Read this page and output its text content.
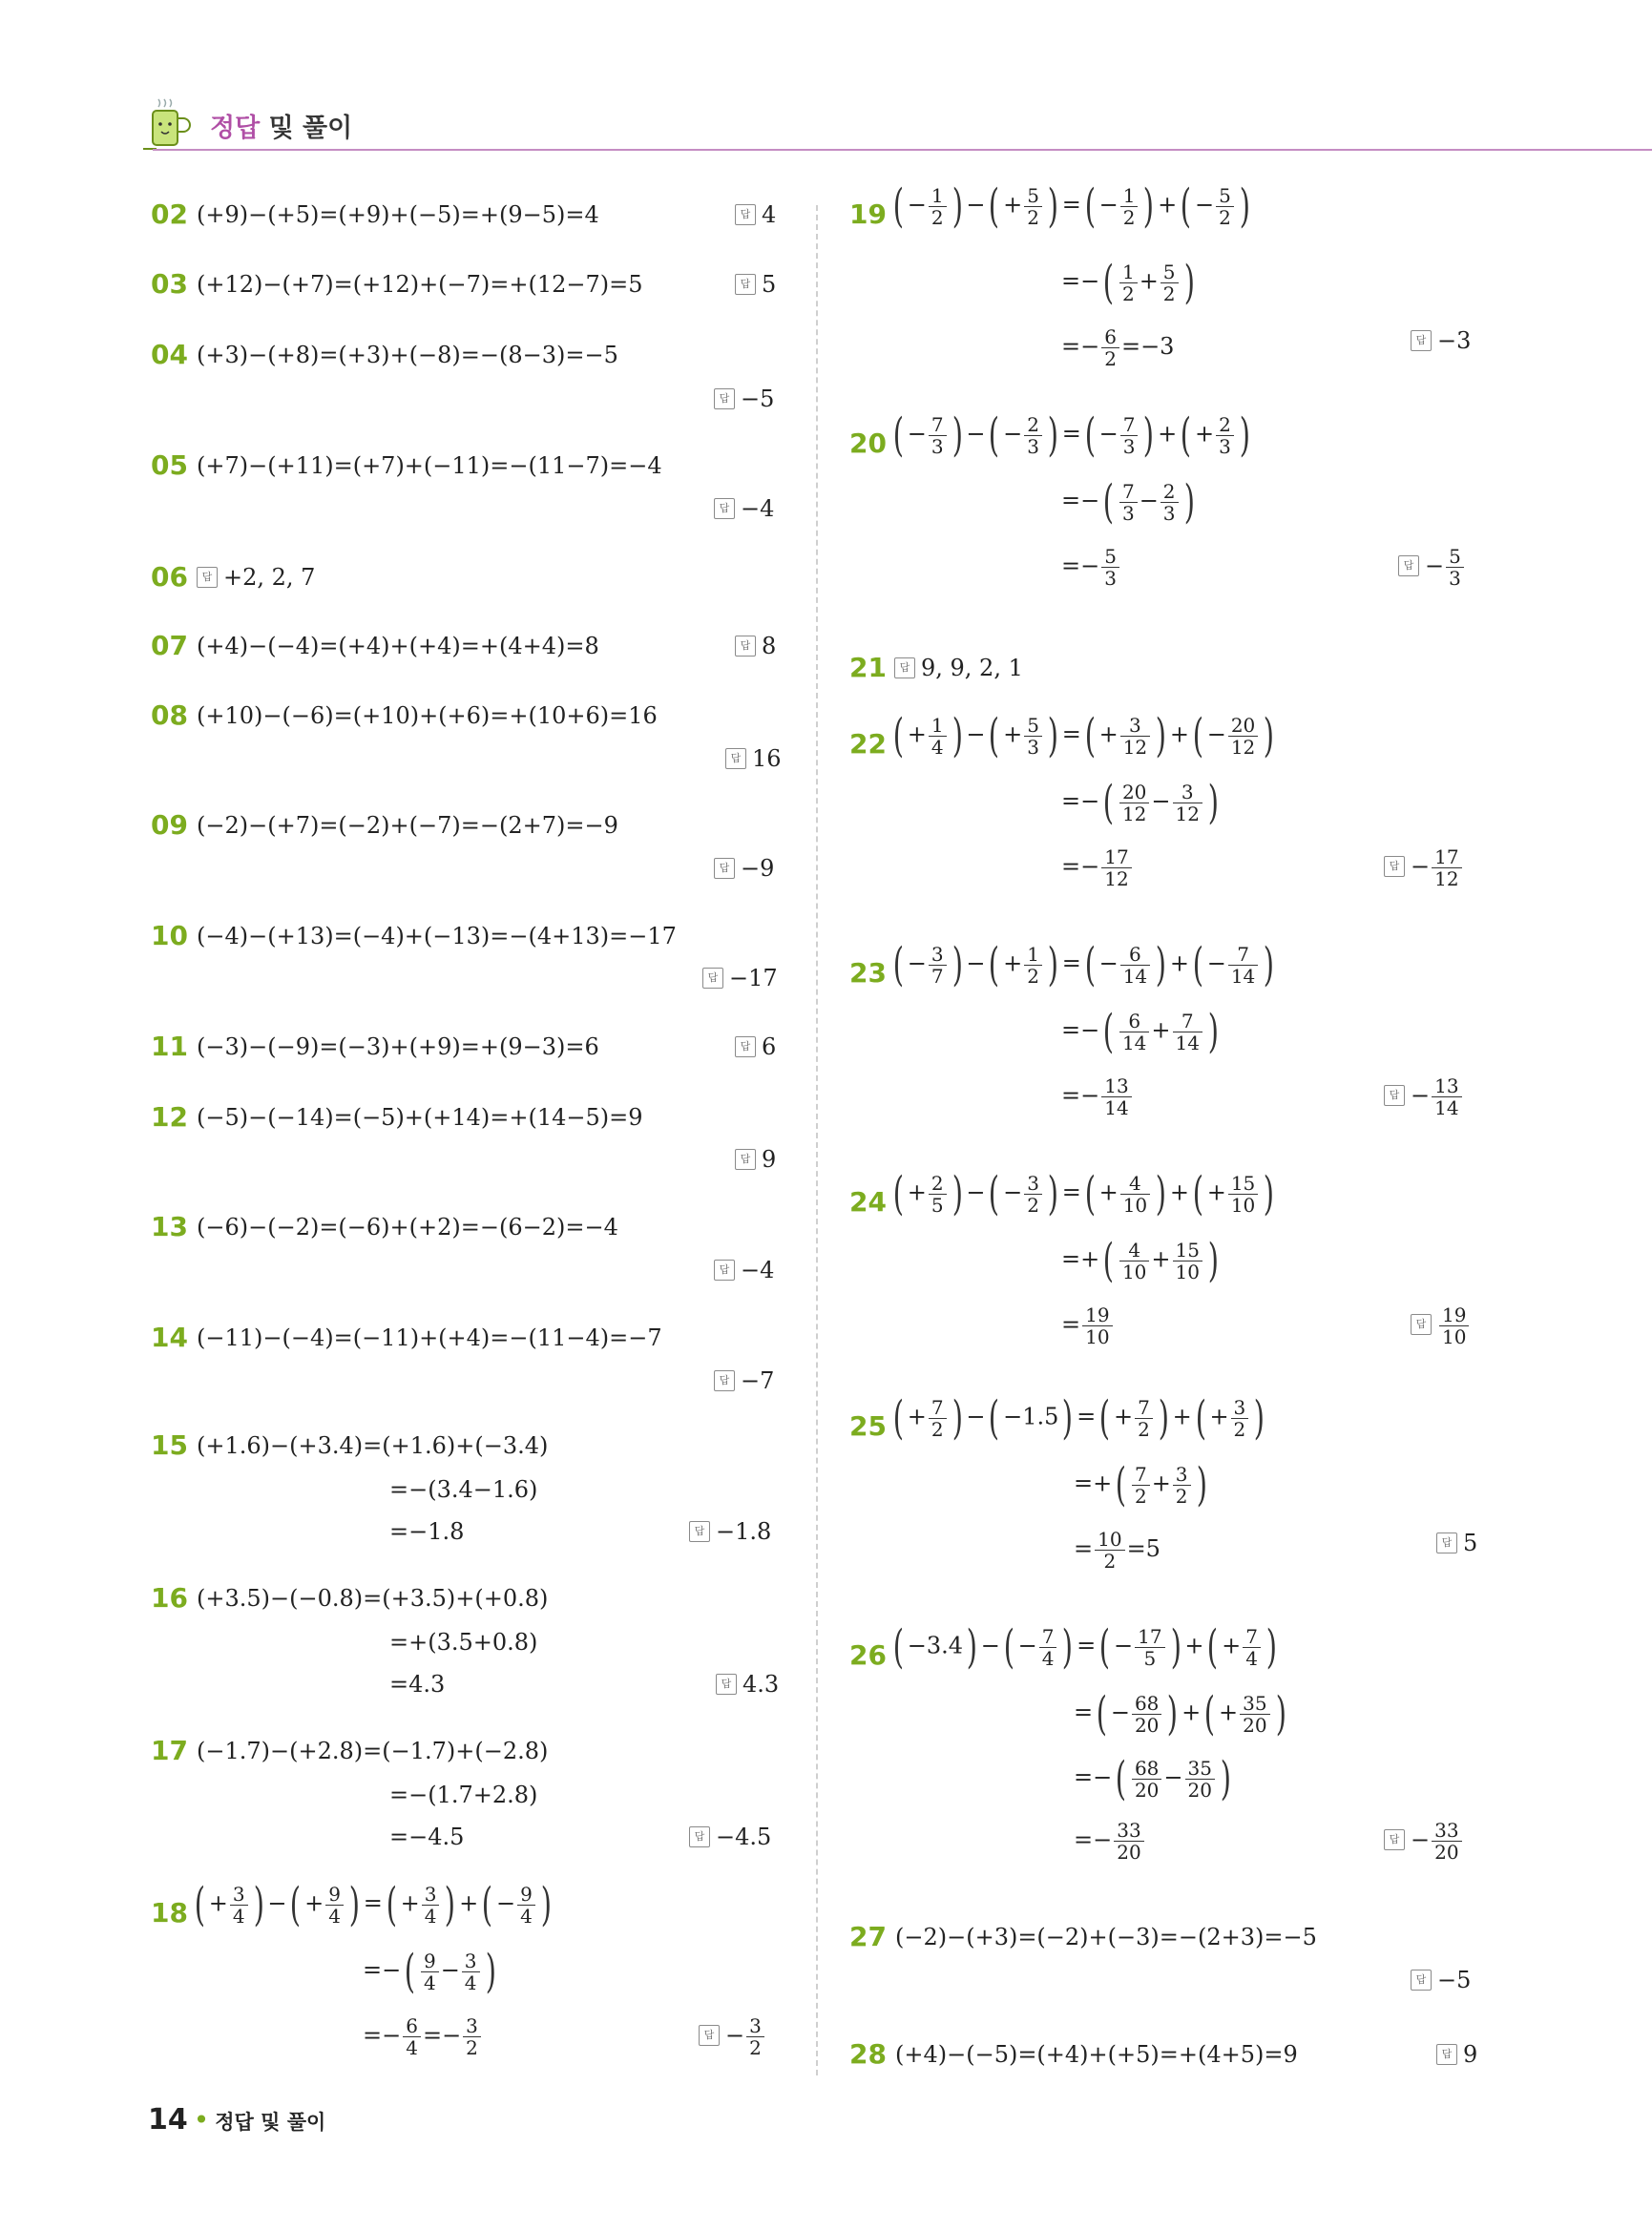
정답 및 풀이
02 (+9)−(+5)=(+9)+(−5)=+(9−5)=4	답 4
03 (+12)−(+7)=(+12)+(−7)=+(12−7)=5	답 5
04 (+3)−(+8)=(+3)+(−8)=−(8−3)=−5
답 −5
05 (+7)−(+11)=(+7)+(−11)=−(11−7)=−4
답 −4
06	답 +2, 2, 7
07 (+4)−(−4)=(+4)+(+4)=+(4+4)=8	답 8
08 (+10)−(−6)=(+10)+(+6)=+(10+6)=16
답 16
09 (−2)−(+7)=(−2)+(−7)=−(2+7)=−9
답 −9
10 (−4)−(+13)=(−4)+(−13)=−(4+13)=−17
답 −17
11 (−3)−(−9)=(−3)+(+9)=+(9−3)=6	답 6
12 (−5)−(−14)=(−5)+(+14)=+(14−5)=9
답 9
13 (−6)−(−2)=(−6)+(+2)=−(6−2)=−4
답 −4
14 (−11)−(−4)=(−11)+(+4)=−(11−4)=−7
답 −7
15 (+1.6)−(+3.4)=(+1.6)+(−3.4)
=−(3.4−1.6)
=−1.8	답 −1.8
16 (+3.5)−(−0.8)=(+3.5)+(+0.8)
=+(3.5+0.8)
=4.3	답 4.3
17 (−1.7)−(+2.8)=(−1.7)+(−2.8)
=−(1.7+2.8)
=−4.5	답 −4.5
21	답 9, 9, 2, 1
27 (−2)−(+3)=(−2)+(−3)=−(2+3)=−5
답 −5
28 (+4)−(−5)=(+4)+(+5)=+(4+5)=9	답 9
18 ( + $\frac{3}{4}$ ) −( + $\frac{9}{4}$ ) =( + $\frac{3}{4}$ ) +( − $\frac{9}{4}$ )
=−( $\frac{9}{4} - \frac{3}{4}$ )
=− $\frac{6}{4} =- \frac{3}{2}$	답 − $\frac{3}{2}$
19 ( − $\frac{1}{2}$ ) −( + $\frac{5}{2}$ ) =( − $\frac{1}{2}$ ) +( − $\frac{5}{2}$ )
=−( $\frac{1}{2} + \frac{5}{2}$ )
=− $\frac{6}{2} =-3$	답 −3
20 ( − $\frac{7}{3}$ ) −( − $\frac{2}{3}$ ) =( − $\frac{7}{3}$ ) +( + $\frac{2}{3}$ )
=−( $\frac{7}{3} - \frac{2}{3}$ )
=− $\frac{5}{3}$	답 − $\frac{5}{3}$
22 ( + $\frac{1}{4}$ ) −( + $\frac{5}{3}$ ) =( + $\frac{3}{12}$ ) +( − $\frac{20}{12}$ )
=−( $\frac{20}{12} - \frac{3}{12}$ )
=− $\frac{17}{12}$	답 − $\frac{17}{12}$
23 ( − $\frac{3}{7}$ ) −( + $\frac{1}{2}$ ) =( − $\frac{6}{14}$ ) +( − $\frac{7}{14}$ )
=−( $\frac{6}{14} + \frac{7}{14}$ )
=− $\frac{13}{14}$	답 − $\frac{13}{14}$
24 ( + $\frac{2}{5}$ ) −( − $\frac{3}{2}$ ) =( + $\frac{4}{10}$ ) +( + $\frac{15}{10}$ )
=+( $\frac{4}{10} + \frac{15}{10}$ )
= $\frac{19}{10}$	답 $\frac{19}{10}$
25 ( + $\frac{7}{2}$ ) −( −1.5) =( + $\frac{7}{2}$ ) +( + $\frac{3}{2}$ )
=+( $\frac{7}{2} + \frac{3}{2}$ )
= $\frac{10}{2} =5$	답 5
26 ( −3.4) −( − $\frac{7}{4}$ ) =( − $\frac{17}{5}$ ) +( + $\frac{7}{4}$ )
=( − $\frac{68}{20}$ ) +( + $\frac{35}{20}$ )
=−( $\frac{68}{20} - \frac{35}{20}$ )
=− $\frac{33}{20}$	답 − $\frac{33}{20}$
14 • 정답 및 풀이
